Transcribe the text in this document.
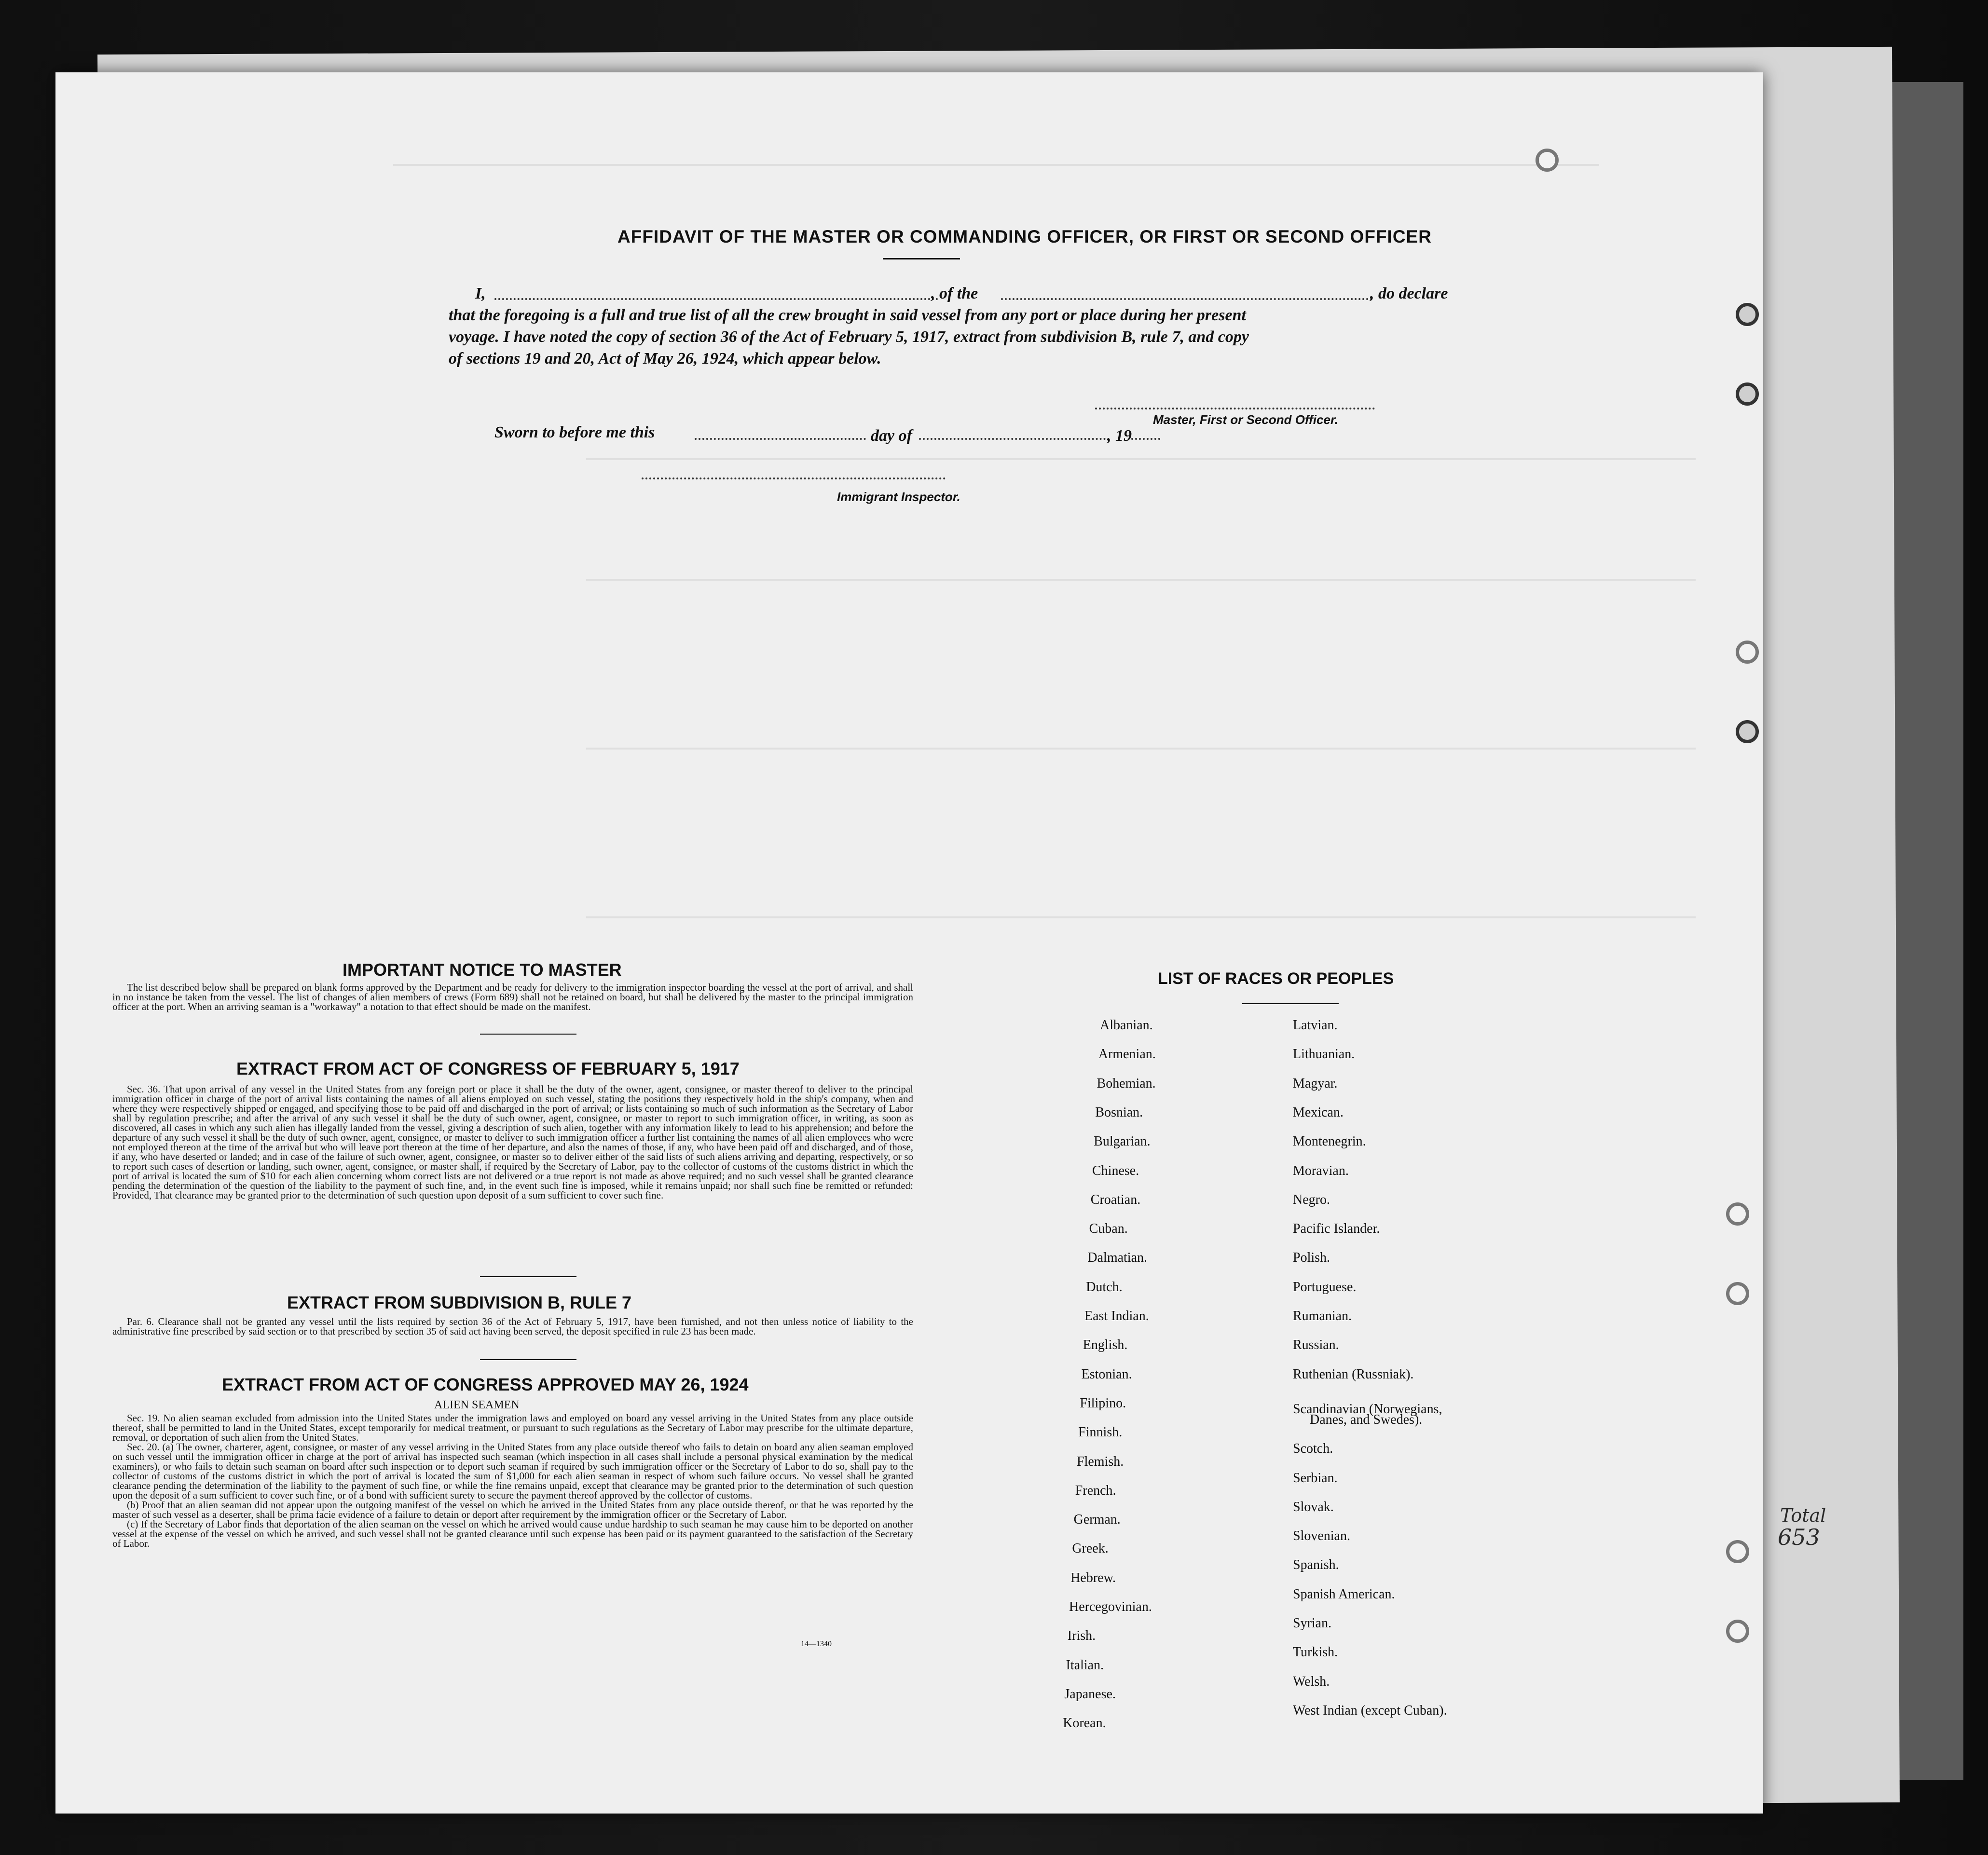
AFFIDAVIT OF THE MASTER OR COMMANDING OFFICER, OR FIRST OR SECOND OFFICER
I,	, of the	, do declare
that the foregoing is a full and true list of all the crew brought in said vessel from any port or place during her present
voyage. I have noted the copy of section 36 of the Act of February 5, 1917, extract from subdivision B, rule 7, and copy
of sections 19 and 20, Act of May 26, 1924, which appear below.
Master, First or Second Officer.
Sworn to before me this	day of	, 19
Immigrant Inspector.
IMPORTANT NOTICE TO MASTER

The list described below shall be prepared on blank forms approved by the Department and be ready for delivery to the immigration inspector boarding the vessel at the port of arrival, and shall in no instance be taken from the vessel. The list of changes of alien members of crews (Form 689) shall not be retained on board, but shall be delivered by the master to the principal immigration officer at the port. When an arriving seaman is a "workaway" a notation to that effect should be made on the manifest.

EXTRACT FROM ACT OF CONGRESS OF FEBRUARY 5, 1917

Sec. 36. That upon arrival of any vessel in the United States from any foreign port or place it shall be the duty of the owner, agent, consignee, or master thereof to deliver to the principal immigration officer in charge of the port of arrival lists containing the names of all aliens employed on such vessel, stating the positions they respectively hold in the ship's company, when and where they were respectively shipped or engaged, and specifying those to be paid off and discharged in the port of arrival; or lists containing so much of such information as the Secretary of Labor shall by regulation prescribe; and after the arrival of any such vessel it shall be the duty of such owner, agent, consignee, or master to report to such immigration officer, in writing, as soon as discovered, all cases in which any such alien has illegally landed from the vessel, giving a description of such alien, together with any information likely to lead to his apprehension; and before the departure of any such vessel it shall be the duty of such owner, agent, consignee, or master to deliver to such immigration officer a further list containing the names of all alien employees who were not employed thereon at the time of the arrival but who will leave port thereon at the time of her departure, and also the names of those, if any, who have been paid off and discharged, and of those, if any, who have deserted or landed; and in case of the failure of such owner, agent, consignee, or master so to deliver either of the said lists of such aliens arriving and departing, respectively, or so to report such cases of desertion or landing, such owner, agent, consignee, or master shall, if required by the Secretary of Labor, pay to the collector of customs of the customs district in which the port of arrival is located the sum of $10 for each alien concerning whom correct lists are not delivered or a true report is not made as above required; and no such vessel shall be granted clearance pending the determination of the question of the liability to the payment of such fine, and, in the event such fine is imposed, while it remains unpaid; nor shall such fine be remitted or refunded: Provided, That clearance may be granted prior to the determination of such question upon deposit of a sum sufficient to cover such fine.

EXTRACT FROM SUBDIVISION B, RULE 7

Par. 6. Clearance shall not be granted any vessel until the lists required by section 36 of the Act of February 5, 1917, have been furnished, and not then unless notice of liability to the administrative fine prescribed by said section or to that prescribed by section 35 of said act having been served, the deposit specified in rule 23 has been made.

EXTRACT FROM ACT OF CONGRESS APPROVED MAY 26, 1924
ALIEN SEAMEN

Sec. 19. No alien seaman excluded from admission into the United States under the immigration laws and employed on board any vessel arriving in the United States from any place outside thereof, shall be permitted to land in the United States, except temporarily for medical treatment, or pursuant to such regulations as the Secretary of Labor may prescribe for the ultimate departure, removal, or deportation of such alien from the United States.

Sec. 20. (a) The owner, charterer, agent, consignee, or master of any vessel arriving in the United States from any place outside thereof who fails to detain on board any alien seaman employed on such vessel until the immigration officer in charge at the port of arrival has inspected such seaman (which inspection in all cases shall include a personal physical examination by the medical examiners), or who fails to detain such seaman on board after such inspection or to deport such seaman if required by such immigration officer or the Secretary of Labor to do so, shall pay to the collector of customs of the customs district in which the port of arrival is located the sum of $1,000 for each alien seaman in respect of whom such failure occurs. No vessel shall be granted clearance pending the determination of the liability to the payment of such fine, or while the fine remains unpaid, except that clearance may be granted prior to the determination of such question upon the deposit of a sum sufficient to cover such fine, or of a bond with sufficient surety to secure the payment thereof approved by the collector of customs.

(b) Proof that an alien seaman did not appear upon the outgoing manifest of the vessel on which he arrived in the United States from any place outside thereof, or that he was reported by the master of such vessel as a deserter, shall be prima facie evidence of a failure to detain or deport after requirement by the immigration officer or the Secretary of Labor.

(c) If the Secretary of Labor finds that deportation of the alien seaman on the vessel on which he arrived would cause undue hardship to such seaman he may cause him to be deported on another vessel at the expense of the vessel on which he arrived, and such vessel shall not be granted clearance until such expense has been paid or its payment guaranteed to the satisfaction of the Secretary of Labor.

14—1340
LIST OF RACES OR PEOPLES
Albanian.
Armenian.
Bohemian.
Bosnian.
Bulgarian.
Chinese.
Croatian.
Cuban.
Dalmatian.
Dutch.
East Indian.
English.
Estonian.
Filipino.
Finnish.
Flemish.
French.
German.
Greek.
Hebrew.
Hercegovinian.
Irish.
Italian.
Japanese.
Korean.
Latvian.
Lithuanian.
Magyar.
Mexican.
Montenegrin.
Moravian.
Negro.
Pacific Islander.
Polish.
Portuguese.
Rumanian.
Russian.
Ruthenian (Russniak).
Scandinavian (Norwegians,
Danes, and Swedes).
Scotch.
Serbian.
Slovak.
Slovenian.
Spanish.
Spanish American.
Syrian.
Turkish.
Welsh.
West Indian (except Cuban).
Total
653
